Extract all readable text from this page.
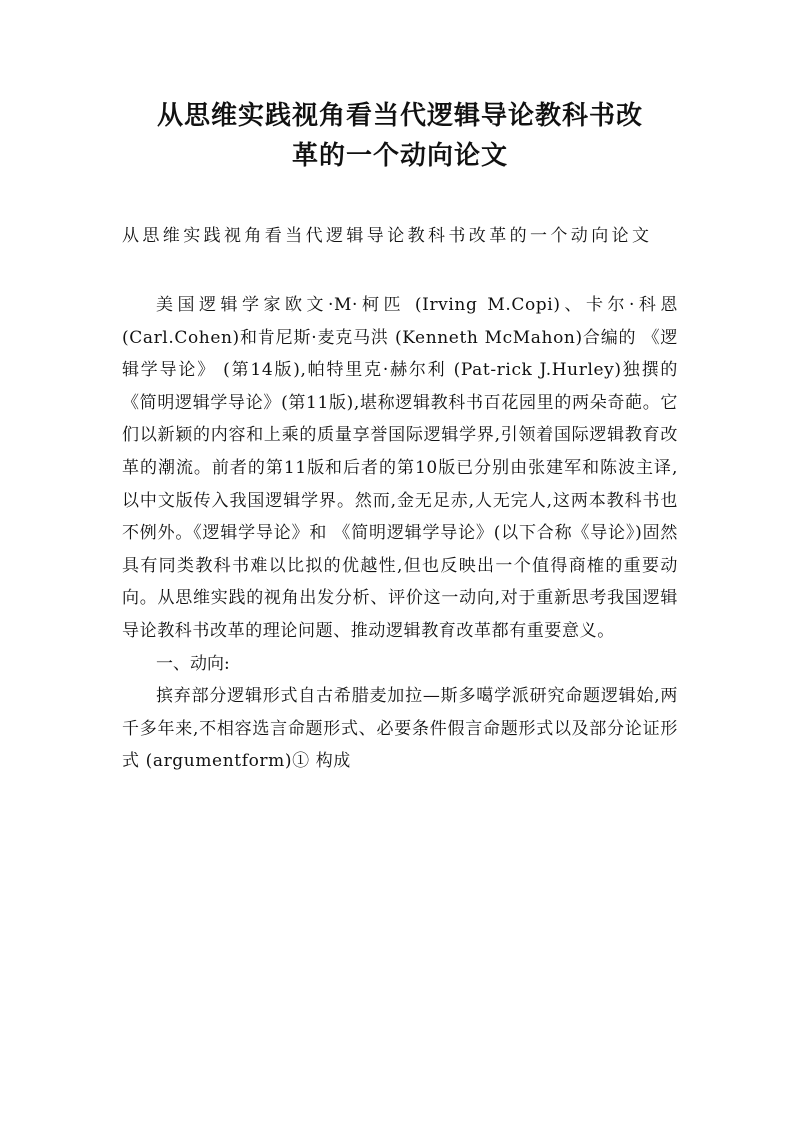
从思维实践视角看当代逻辑导论教科书改
革的一个动向论文

从思维实践视角看当代逻辑导论教科书改革的一个动向论文

美国逻辑学家欧文·M·柯匹 (Irving M.Copi)、卡尔·科恩 (Carl.Cohen)和肯尼斯·麦克马洪 (Kenneth McMahon)合编的 《逻辑学导论》 (第14版),帕特里克·赫尔利 (Pat-rick J.Hurley)独撰的 《简明逻辑学导论》(第11版),堪称逻辑教科书百花园里的两朵奇葩。它们以新颖的内容和上乘的质量享誉国际逻辑学界,引领着国际逻辑教育改革的潮流。前者的第11版和后者的第10版已分别由张建军和陈波主译,以中文版传入我国逻辑学界。然而,金无足赤,人无完人,这两本教科书也不例外。《逻辑学导论》和 《简明逻辑学导论》(以下合称《导论》)固然具有同类教科书难以比拟的优越性,但也反映出一个值得商榷的重要动向。从思维实践的视角出发分析、评价这一动向,对于重新思考我国逻辑导论教科书改革的理论问题、推动逻辑教育改革都有重要意义。

一、动向:

摈弃部分逻辑形式自古希腊麦加拉—斯多噶学派研究命题逻辑始,两千多年来,不相容选言命题形式、必要条件假言命题形式以及部分论证形式 (argumentform)① 构成
